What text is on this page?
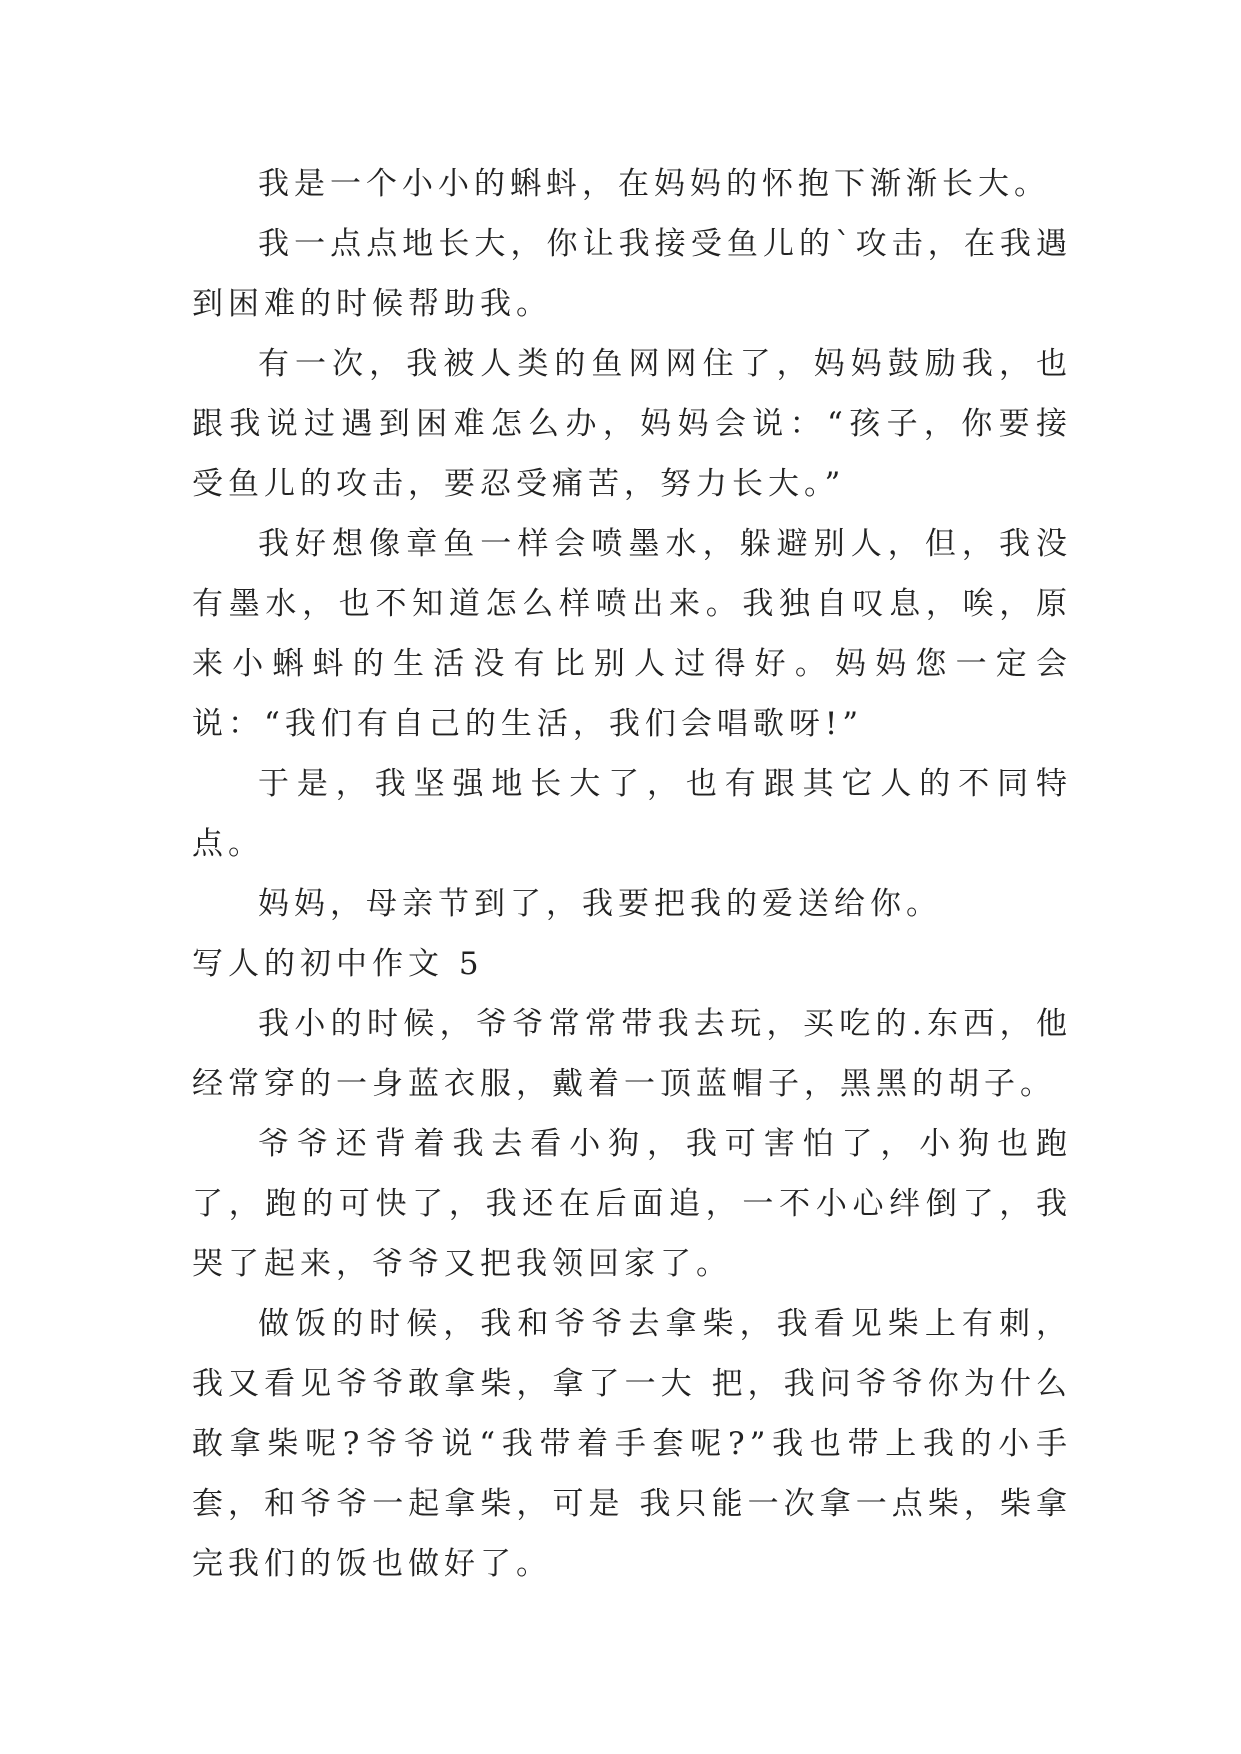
我是一个小小的蝌蚪，在妈妈的怀抱下渐渐长大。

我一点点地长大，你让我接受鱼儿的`攻击，在我遇到困难的时候帮助我。

有一次，我被人类的鱼网网住了，妈妈鼓励我，也跟我说过遇到困难怎么办，妈妈会说：“孩子，你要接受鱼儿的攻击，要忍受痛苦，努力长大。”

我好想像章鱼一样会喷墨水，躲避别人，但，我没有墨水，也不知道怎么样喷出来。我独自叹息，唉，原来小蝌蚪的生活没有比别人过得好。妈妈您一定会说：“我们有自己的生活，我们会唱歌呀!”

于是，我坚强地长大了，也有跟其它人的不同特点。

妈妈，母亲节到了，我要把我的爱送给你。

写人的初中作文 5

我小的时候，爷爷常常带我去玩，买吃的.东西，他经常穿的一身蓝衣服，戴着一顶蓝帽子，黑黑的胡子。

爷爷还背着我去看小狗，我可害怕了，小狗也跑了，跑的可快了，我还在后面追，一不小心绊倒了，我哭了起来，爷爷又把我领回家了。

做饭的时候，我和爷爷去拿柴，我看见柴上有刺，我又看见爷爷敢拿柴，拿了一大 把，我问爷爷你为什么敢拿柴呢?爷爷说“我带着手套呢?”我也带上我的小手套，和爷爷一起拿柴，可是 我只能一次拿一点柴，柴拿完我们的饭也做好了。
